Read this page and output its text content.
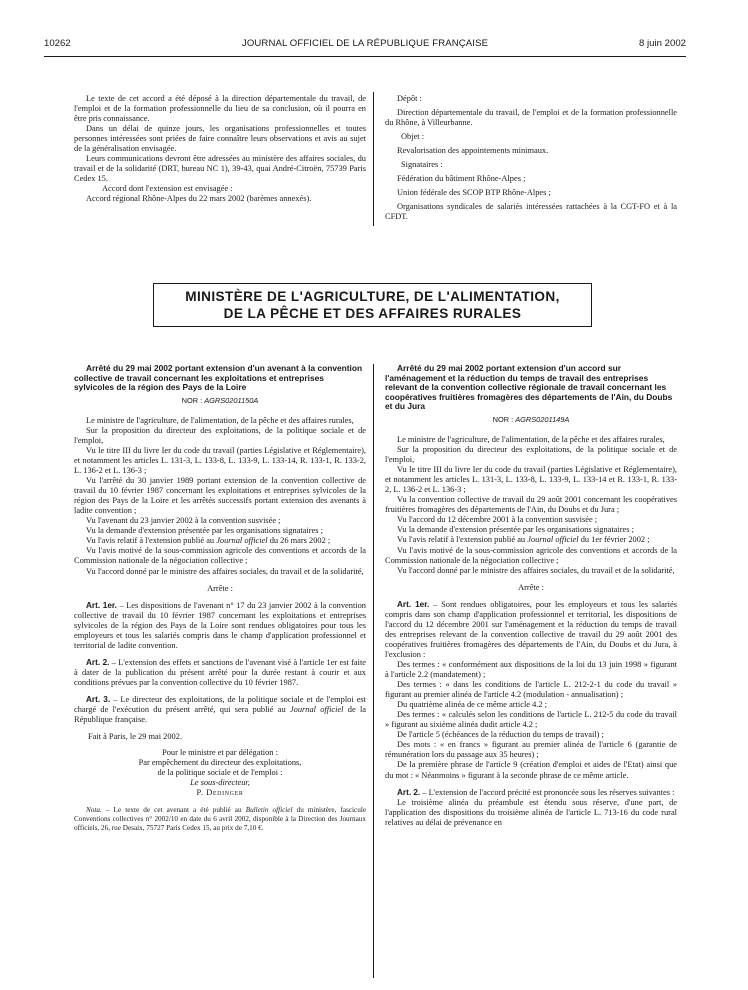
10262	JOURNAL OFFICIEL DE LA RÉPUBLIQUE FRANÇAISE	8 juin 2002

Le texte de cet accord a été déposé à la direction départementale du travail, de l'emploi et de la formation professionnelle du lieu de sa conclusion, où il pourra en être pris connaissance.

Dans un délai de quinze jours, les organisations professionnelles et toutes personnes intéressées sont priées de faire connaître leurs observations et avis au sujet de la généralisation envisagée.

Leurs communications devront être adressées au ministère des affaires sociales, du travail et de la solidarité (DRT, bureau NC 1), 39-43, quai André-Citroën, 75739 Paris Cedex 15.

Accord dont l'extension est envisagée :

Accord régional Rhône-Alpes du 22 mars 2002 (barèmes annexés).

Dépôt :

Direction départementale du travail, de l'emploi et de la formation professionnelle du Rhône, à Villeurbanne.

Objet :

Revalorisation des appointements minimaux.

Signataires :

Fédération du bâtiment Rhône-Alpes ;

Union fédérale des SCOP BTP Rhône-Alpes ;

Organisations syndicales de salariés intéressées rattachées à la CGT-FO et à la CFDT.

MINISTÈRE DE L'AGRICULTURE, DE L'ALIMENTATION,
DE LA PÊCHE ET DES AFFAIRES RURALES

Arrêté du 29 mai 2002 portant extension d'un avenant à la convention collective de travail concernant les exploitations et entreprises sylvicoles de la région des Pays de la Loire

NOR : AGRS0201150A

Le ministre de l'agriculture, de l'alimentation, de la pêche et des affaires rurales,

Sur la proposition du directeur des exploitations, de la politique sociale et de l'emploi,

Vu le titre III du livre Ier du code du travail (parties Législative et Réglementaire), et notamment les articles L. 131-3, L. 133-8, L. 133-9, L. 133-14, R. 133-1, R. 133-2, L. 136-2 et L. 136-3 ;

Vu l'arrêté du 30 janvier 1989 portant extension de la convention collective de travail du 10 février 1987 concernant les exploitations et entreprises sylvicoles de la région des Pays de la Loire et les arrêtés successifs portant extension des avenants à ladite convention ;

Vu l'avenant du 23 janvier 2002 à la convention susvisée ;

Vu la demande d'extension présentée par les organisations signataires ;

Vu l'avis relatif à l'extension publié au Journal officiel du 26 mars 2002 ;

Vu l'avis motivé de la sous-commission agricole des conventions et accords de la Commission nationale de la négociation collective ;

Vu l'accord donné par le ministre des affaires sociales, du travail et de la solidarité,

Arrête :

Art. 1er. – Les dispositions de l'avenant n° 17 du 23 janvier 2002 à la convention collective de travail du 10 février 1987 concernant les exploitations et entreprises sylvicoles de la région des Pays de la Loire sont rendues obligatoires pour tous les employeurs et tous les salariés compris dans le champ d'application professionnel et territorial de ladite convention.

Art. 2. – L'extension des effets et sanctions de l'avenant visé à l'article 1er est faite à dater de la publication du présent arrêté pour la durée restant à courir et aux conditions prévues par la convention collective du 10 février 1987.

Art. 3. – Le directeur des exploitations, de la politique sociale et de l'emploi est chargé de l'exécution du présent arrêté, qui sera publié au Journal officiel de la République française.

Fait à Paris, le 29 mai 2002.

Pour le ministre et par délégation :
Par empêchement du directeur des exploitations,
de la politique sociale et de l'emploi :
Le sous-directeur,
P. Dedinger

Nota. – Le texte de cet avenant a été publié au Bulletin officiel du ministère, fascicule Conventions collectives n° 2002/10 en date du 6 avril 2002, disponible à la Direction des Journaux officiels, 26, rue Desaix, 75727 Paris Cedex 15, au prix de 7,10 €.

Arrêté du 29 mai 2002 portant extension d'un accord sur l'aménagement et la réduction du temps de travail des entreprises relevant de la convention collective régionale de travail concernant les coopératives fruitières fromagères des départements de l'Ain, du Doubs et du Jura

NOR : AGRS0201149A

Le ministre de l'agriculture, de l'alimentation, de la pêche et des affaires rurales,

Sur la proposition du directeur des exploitations, de la politique sociale et de l'emploi,

Vu le titre III du livre Ier du code du travail (parties Législative et Réglementaire), et notamment les articles L. 131-3, L. 133-8, L. 133-9, L. 133-14 et R. 133-1, R. 133-2, L. 136-2 et L. 136-3 ;

Vu la convention collective de travail du 29 août 2001 concernant les coopératives fruitières fromagères des départements de l'Ain, du Doubs et du Jura ;

Vu l'accord du 12 décembre 2001 à la convention susvisée ;

Vu la demande d'extension présentée par les organisations signataires ;

Vu l'avis relatif à l'extension publié au Journal officiel du 1er février 2002 ;

Vu l'avis motivé de la sous-commission agricole des conventions et accords de la Commission nationale de la négociation collective ;

Vu l'accord donné par le ministre des affaires sociales, du travail et de la solidarité,

Arrête :

Art. 1er. – Sont rendues obligatoires, pour les employeurs et tous les salariés compris dans son champ d'application professionnel et territorial, les dispositions de l'accord du 12 décembre 2001 sur l'aménagement et la réduction du temps de travail des entreprises relevant de la convention collective de travail du 29 août 2001 des coopératives fruitières fromagères des départements de l'Ain, du Doubs et du Jura, à l'exclusion :

Des termes : « conformément aux dispositions de la loi du 13 juin 1998 » figurant à l'article 2.2 (mandatement) ;

Des termes : « dans les conditions de l'article L. 212-2-1 du code du travail » figurant au premier alinéa de l'article 4.2 (modulation - annualisation) ;

Du quatrième alinéa de ce même article 4.2 ;

Des termes : « calculés selon les conditions de l'article L. 212-5 du code du travail » figurant au sixième alinéa dudit article 4.2 ;

De l'article 5 (échéances de la réduction du temps de travail) ;

Des mots : « en francs » figurant au premier alinéa de l'article 6 (garantie de rémunération lors du passage aux 35 heures) ;

De la première phrase de l'article 9 (création d'emploi et aides de l'Etat) ainsi que du mot : « Néanmoins » figurant à la seconde phrase de ce même article.

Art. 2. – L'extension de l'accord précité est prononcée sous les réserves suivantes :

Le troisième alinéa du préambule est étendu sous réserve, d'une part, de l'application des dispositions du troisième alinéa de l'article L. 713-16 du code rural relatives au délai de prévenance en
